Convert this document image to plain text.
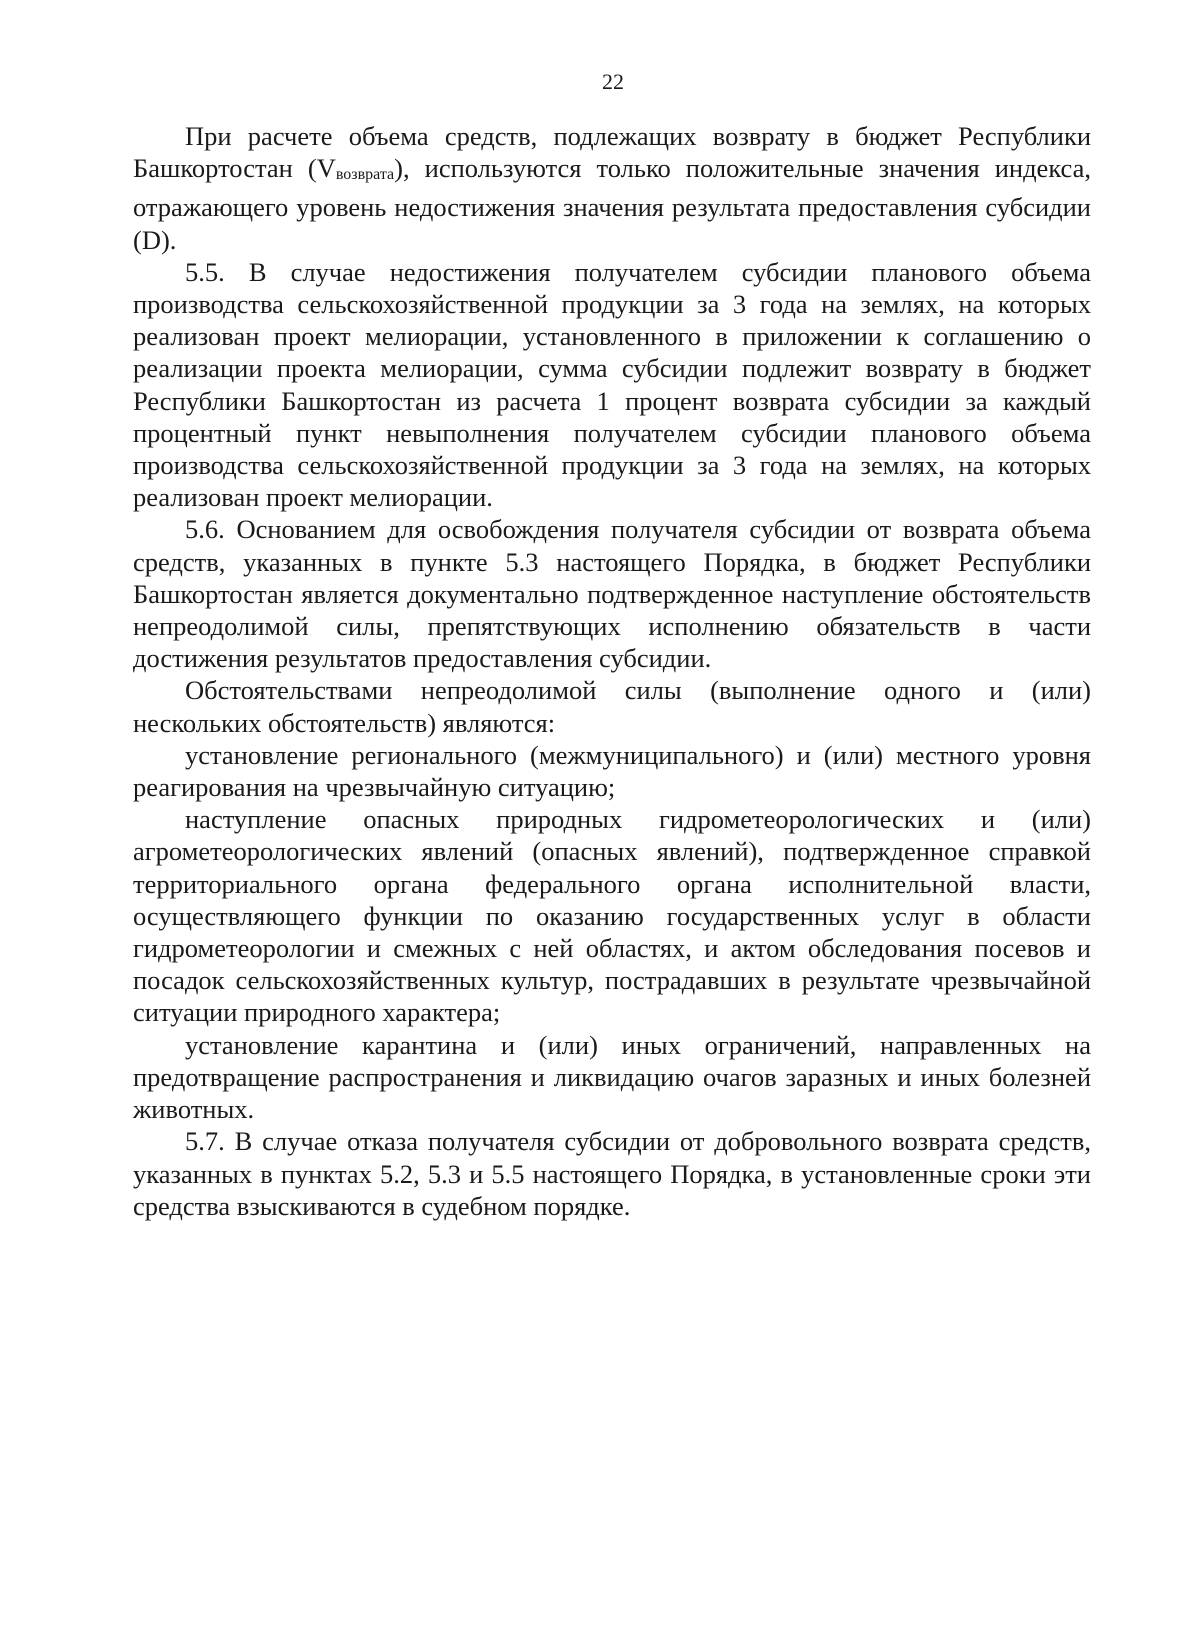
22

При расчете объема средств, подлежащих возврату в бюджет Республики Башкортостан (Vвозврата), используются только положительные значения индекса, отражающего уровень недостижения значения результата предоставления субсидии (D).

5.5. В случае недостижения получателем субсидии планового объема производства сельскохозяйственной продукции за 3 года на землях, на которых реализован проект мелиорации, установленного в приложении к соглашению о реализации проекта мелиорации, сумма субсидии подлежит возврату в бюджет Республики Башкортостан из расчета 1 процент возврата субсидии за каждый процентный пункт невыполнения получателем субсидии планового объема производства сельскохозяйственной продукции за 3 года на землях, на которых реализован проект мелиорации.

5.6. Основанием для освобождения получателя субсидии от возврата объема средств, указанных в пункте 5.3 настоящего Порядка, в бюджет Республики Башкортостан является документально подтвержденное наступление обстоятельств непреодолимой силы, препятствующих исполнению обязательств в части достижения результатов предоставления субсидии.

Обстоятельствами непреодолимой силы (выполнение одного и (или) нескольких обстоятельств) являются:

установление регионального (межмуниципального) и (или) местного уровня реагирования на чрезвычайную ситуацию;

наступление опасных природных гидрометеорологических и (или) агрометеорологических явлений (опасных явлений), подтвержденное справкой территориального органа федерального органа исполнительной власти, осуществляющего функции по оказанию государственных услуг в области гидрометеорологии и смежных с ней областях, и актом обследования посевов и посадок сельскохозяйственных культур, пострадавших в результате чрезвычайной ситуации природного характера;

установление карантина и (или) иных ограничений, направленных на предотвращение распространения и ликвидацию очагов заразных и иных болезней животных.

5.7. В случае отказа получателя субсидии от добровольного возврата средств, указанных в пунктах 5.2, 5.3 и 5.5 настоящего Порядка, в установленные сроки эти средства взыскиваются в судебном порядке.
